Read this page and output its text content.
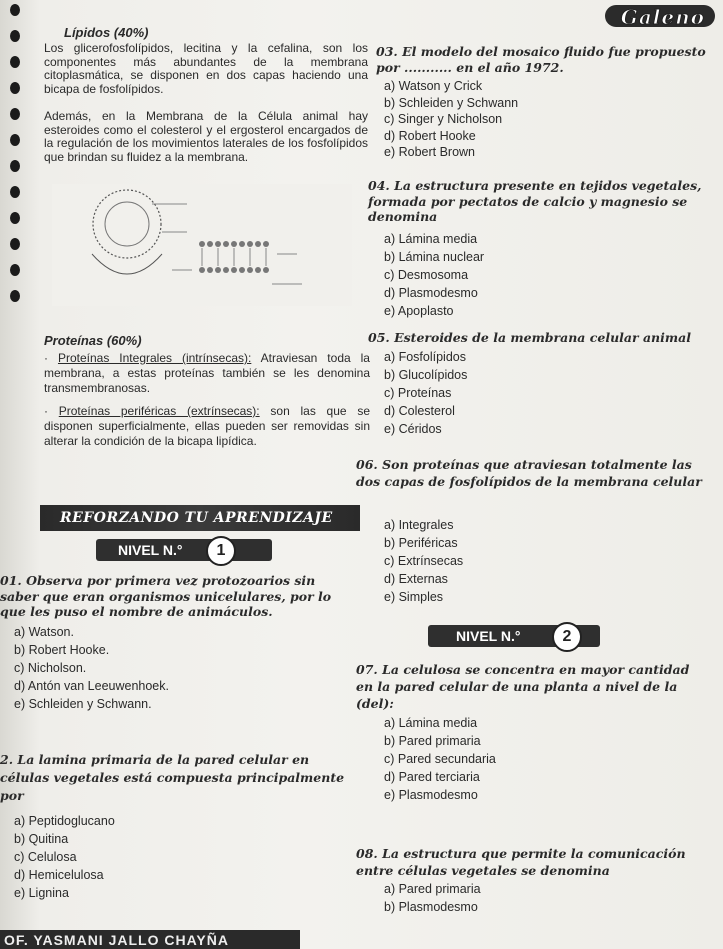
Galeno
Lípidos (40%)
Los glicerofosfolípidos, lecitina y la cefalina, son los componentes más abundantes de la membrana citoplasmática, se disponen en dos capas haciendo una bicapa de fosfolípidos.
Además, en la Membrana de la Célula animal hay esteroides como el colesterol y el ergosterol encargados de la regulación de los movimientos laterales de los fosfolípidos que brindan su fluidez a la membrana.
Proteínas (60%)
· Proteínas Integrales (intrínsecas): Atraviesan toda la membrana, a estas proteínas también se les denomina transmembranosas.
· Proteínas periféricas (extrínsecas): son las que se disponen superficialmente, ellas pueden ser removidas sin alterar la condición de la bicapa lipídica.
REFORZANDO TU APRENDIZAJE
NIVEL N.°	1
01. Observa por primera vez protozoarios sin saber que eran organismos unicelulares, por lo que les puso el nombre de animáculos.
a) Watson.
b) Robert Hooke.
c) Nicholson.
d) Antón van Leeuwenhoek.
e) Schleiden y Schwann.
2. La lamina primaria de la pared celular en células vegetales está compuesta principalmente por
a) Peptidoglucano
b) Quitina
c) Celulosa
d) Hemicelulosa
e) Lignina
OF. YASMANI JALLO CHAYÑA
03. El modelo del mosaico fluido fue propuesto por ........... en el año 1972.
a) Watson y Crick
b) Schleiden y Schwann
c) Singer y Nicholson
d) Robert Hooke
e) Robert Brown
04. La estructura presente en tejidos vegetales, formada por pectatos de calcio y magnesio se denomina
a) Lámina media
b) Lámina nuclear
c) Desmosoma
d) Plasmodesmo
e) Apoplasto
05. Esteroides de la membrana celular animal
a) Fosfolípidos
b) Glucolípidos
c) Proteínas
d) Colesterol
e) Céridos
06. Son proteínas que atraviesan totalmente las dos capas de fosfolípidos de la membrana celular
a) Integrales
b) Periféricas
c) Extrínsecas
d) Externas
e) Simples
NIVEL N.°	2
07. La celulosa se concentra en mayor cantidad en la pared celular de una planta a nivel de la (del):
a) Lámina media
b) Pared primaria
c) Pared secundaria
d) Pared terciaria
e) Plasmodesmo
08. La estructura que permite la comunicación entre células vegetales se denomina
a) Pared primaria
b) Plasmodesmo
